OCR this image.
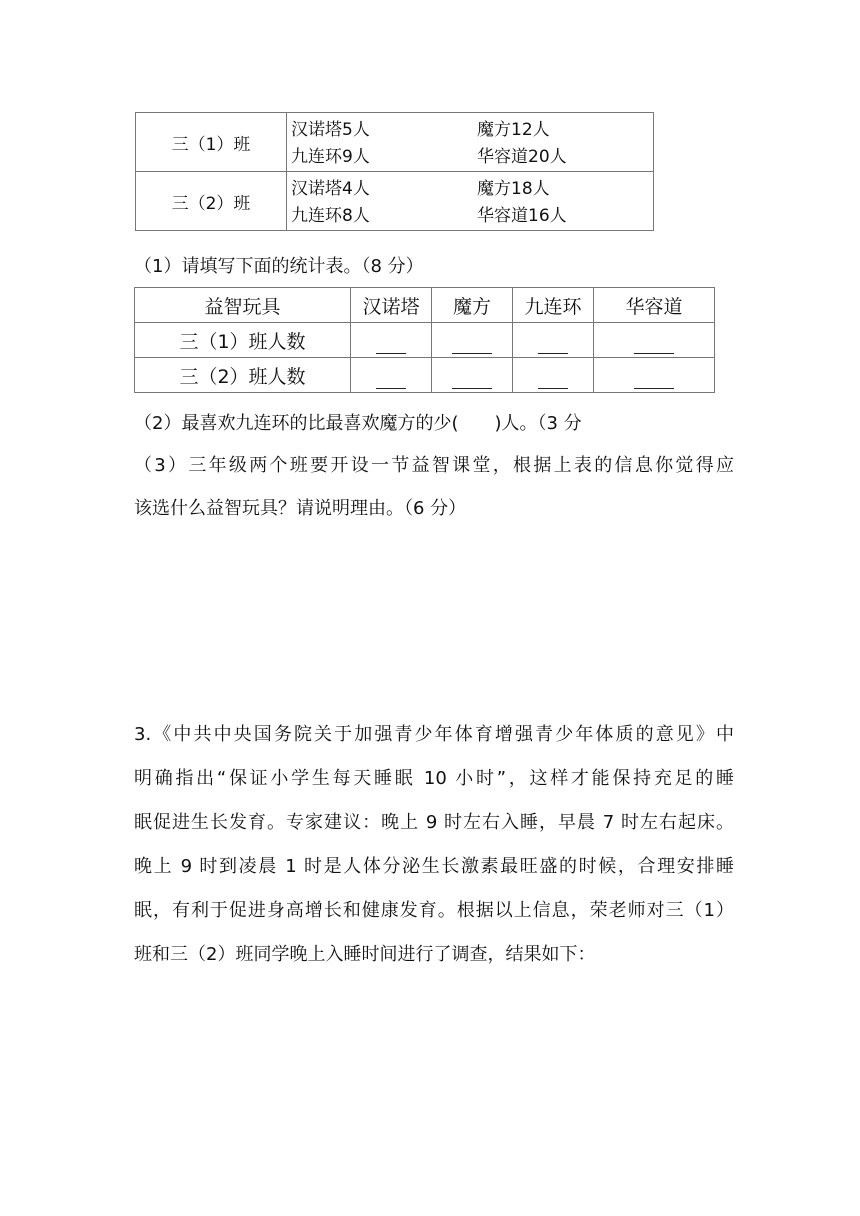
三（1）班	汉诺塔5人 魔方12人
九连环9人 华容道20人

三（2）班	汉诺塔4人 魔方18人
九连环8人 华容道16人
（1）请填写下面的统计表。（8 分）
益智玩具	汉诺塔	魔方	九连环	华容道
三（1）班人数				
三（2）班人数				
（2）最喜欢九连环的比最喜欢魔方的少(　　)人。（3 分
（3）三年级两个班要开设一节益智课堂，根据上表的信息你觉得应
该选什么益智玩具？请说明理由。（6 分）
3.《中共中央国务院关于加强青少年体育增强青少年体质的意见》中
明确指出“保证小学生每天睡眠 10 小时”，这样才能保持充足的睡
眠促进生长发育。专家建议：晚上 9 时左右入睡，早晨 7 时左右起床。
晚上 9 时到凌晨 1 时是人体分泌生长激素最旺盛的时候，合理安排睡
眠，有利于促进身高增长和健康发育。根据以上信息，荣老师对三（1）
班和三（2）班同学晚上入睡时间进行了调查，结果如下：
